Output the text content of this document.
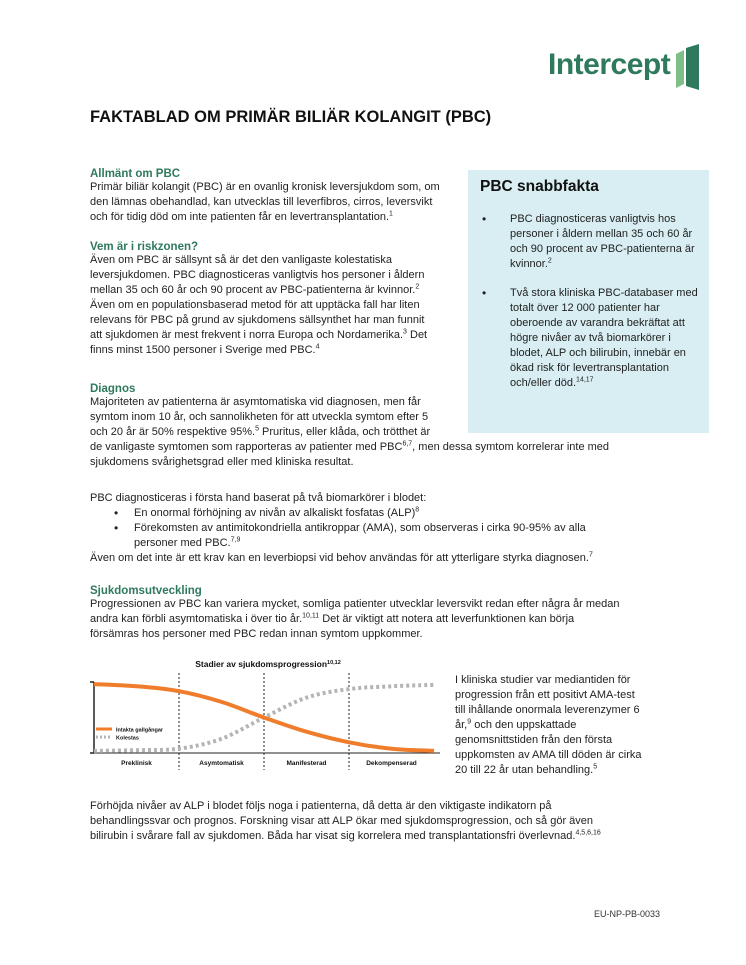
Intercept
FAKTABLAD OM PRIMÄR BILIÄR KOLANGIT (PBC)
Allmänt om PBC
Primär biliär kolangit (PBC) är en ovanlig kronisk leversjukdom som, om
den lämnas obehandlad, kan utvecklas till leverfibros, cirros, leversvikt
och för tidig död om inte patienten får en levertransplantation.$^1$
Vem är i riskzonen?
Även om PBC är sällsynt så är det den vanligaste kolestatiska
leversjukdomen. PBC diagnosticeras vanligtvis hos personer i åldern
mellan 35 och 60 år och 90 procent av PBC-patienterna är kvinnor.$^2$
Även om en populationsbaserad metod för att upptäcka fall har liten
relevans för PBC på grund av sjukdomens sällsynthet har man funnit
att sjukdomen är mest frekvent i norra Europa och Nordamerika.$^3$ Det
finns minst 1500 personer i Sverige med PBC.$^4$
PBC snabbfakta
• PBC diagnosticeras vanligtvis hos personer i åldern mellan 35 och 60 år och 90 procent av PBC-patienterna är kvinnor.$^2$
• Två stora kliniska PBC-databaser med totalt över 12 000 patienter har oberoende av varandra bekräftat att högre nivåer av två biomarkörer i blodet, ALP och bilirubin, innebär en ökad risk för levertransplantation och/eller död.$^{14,17}$
Diagnos
Majoriteten av patienterna är asymtomatiska vid diagnosen, men får
symtom inom 10 år, och sannolikheten för att utveckla symtom efter 5
och 20 år är 50% respektive 95%.$^5$ Pruritus, eller klåda, och trötthet är
de vanligaste symtomen som rapporteras av patienter med PBC$^{6,7}$, men dessa symtom korrelerar inte med
sjukdomens svårighetsgrad eller med kliniska resultat.
PBC diagnosticeras i första hand baserat på två biomarkörer i blodet:
• En onormal förhöjning av nivån av alkaliskt fosfatas (ALP)$^8$
• Förekomsten av antimitokondriella antikroppar (AMA), som observeras i cirka 90-95% av alla
personer med PBC.$^{7,9}$
Även om det inte är ett krav kan en leverbiopsi vid behov användas för att ytterligare styrka diagnosen.$^7$
Sjukdomsutveckling
Progressionen av PBC kan variera mycket, somliga patienter utvecklar leversvikt redan efter några år medan
andra kan förbli asymtomatiska i över tio år.$^{10,11}$ Det är viktigt att notera att leverfunktionen kan börja
försämras hos personer med PBC redan innan symtom uppkommer.
Stadier av sjukdomsprogression$^{10,12}$
Intakta gallgångar
Kolestas
Preklinisk	Asymtomatisk	Manifesterad	Dekompenserad
I kliniska studier var mediantiden för
progression från ett positivt AMA-test
till ihållande onormala leverenzymer 6
år,$^9$ och den uppskattade
genomsnittstiden från den första
uppkomsten av AMA till döden är cirka
20 till 22 år utan behandling.$^5$
Förhöjda nivåer av ALP i blodet följs noga i patienterna, då detta är den viktigaste indikatorn på
behandlingssvar och prognos. Forskning visar att ALP ökar med sjukdomsprogression, och så gör även
bilirubin i svårare fall av sjukdomen. Båda har visat sig korrelera med transplantationsfri överlevnad.$^{4,5,6,16}$
EU-NP-PB-0033
